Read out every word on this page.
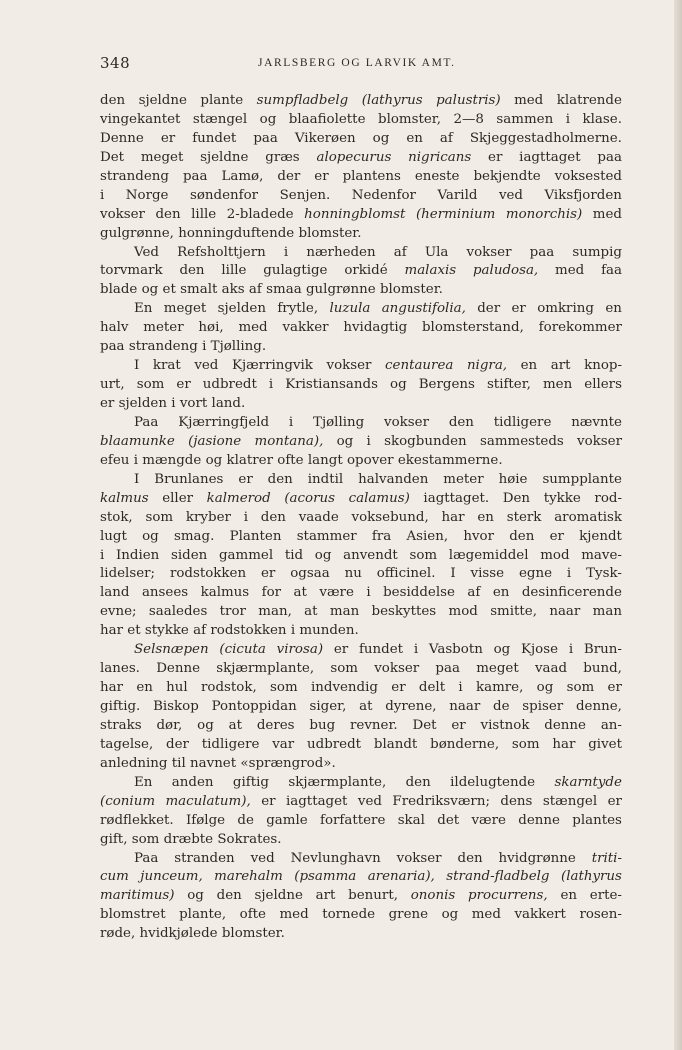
348	JARLSBERG OG LARVIK AMT.
den sjeldne plante sumpfladbelg (lathyrus palustris) med klatrende
vingekantet stængel og blaafiolette blomster, 2—8 sammen i klase.
Denne er fundet paa Vikerøen og en af Skjeggestadholmerne.
Det meget sjeldne græs alopecurus nigricans er iagttaget paa
strandeng paa Lamø, der er plantens eneste bekjendte voksested
i Norge søndenfor Senjen. Nedenfor Varild ved Viksfjorden
vokser den lille 2-bladede honningblomst (herminium monorchis) med
gulgrønne, honningduftende blomster.
Ved Refsholttjern i nærheden af Ula vokser paa sumpig
torvmark den lille gulagtige orkidé malaxis paludosa, med faa
blade og et smalt aks af smaa gulgrønne blomster.
En meget sjelden frytle, luzula angustifolia, der er omkring en
halv meter høi, med vakker hvidagtig blomsterstand, forekommer
paa strandeng i Tjølling.
I krat ved Kjærringvik vokser centaurea nigra, en art knop-
urt, som er udbredt i Kristiansands og Bergens stifter, men ellers
er sjelden i vort land.
Paa Kjærringfjeld i Tjølling vokser den tidligere nævnte
blaamunke (jasione montana), og i skogbunden sammesteds vokser
efeu i mængde og klatrer ofte langt opover ekestammerne.
I Brunlanes er den indtil halvanden meter høie sumpplante
kalmus eller kalmerod (acorus calamus) iagttaget. Den tykke rod-
stok, som kryber i den vaade voksebund, har en sterk aromatisk
lugt og smag. Planten stammer fra Asien, hvor den er kjendt
i Indien siden gammel tid og anvendt som lægemiddel mod mave-
lidelser; rodstokken er ogsaa nu officinel. I visse egne i Tysk-
land ansees kalmus for at være i besiddelse af en desinficerende
evne; saaledes tror man, at man beskyttes mod smitte, naar man
har et stykke af rodstokken i munden.
Selsnæpen (cicuta virosa) er fundet i Vasbotn og Kjose i Brun-
lanes. Denne skjærmplante, som vokser paa meget vaad bund,
har en hul rodstok, som indvendig er delt i kamre, og som er
giftig. Biskop Pontoppidan siger, at dyrene, naar de spiser denne,
straks dør, og at deres bug revner. Det er vistnok denne an-
tagelse, der tidligere var udbredt blandt bønderne, som har givet
anledning til navnet «sprængrod».
En anden giftig skjærmplante, den ildelugtende skarntyde
(conium maculatum), er iagttaget ved Fredriksværn; dens stængel er
rødflekket. Ifølge de gamle forfattere skal det være denne plantes
gift, som dræbte Sokrates.
Paa stranden ved Nevlunghavn vokser den hvidgrønne triti-
cum junceum, marehalm (psamma arenaria), strand-fladbelg (lathyrus
maritimus) og den sjeldne art benurt, ononis procurrens, en erte-
blomstret plante, ofte med tornede grene og med vakkert rosen-
røde, hvidkjølede blomster.
